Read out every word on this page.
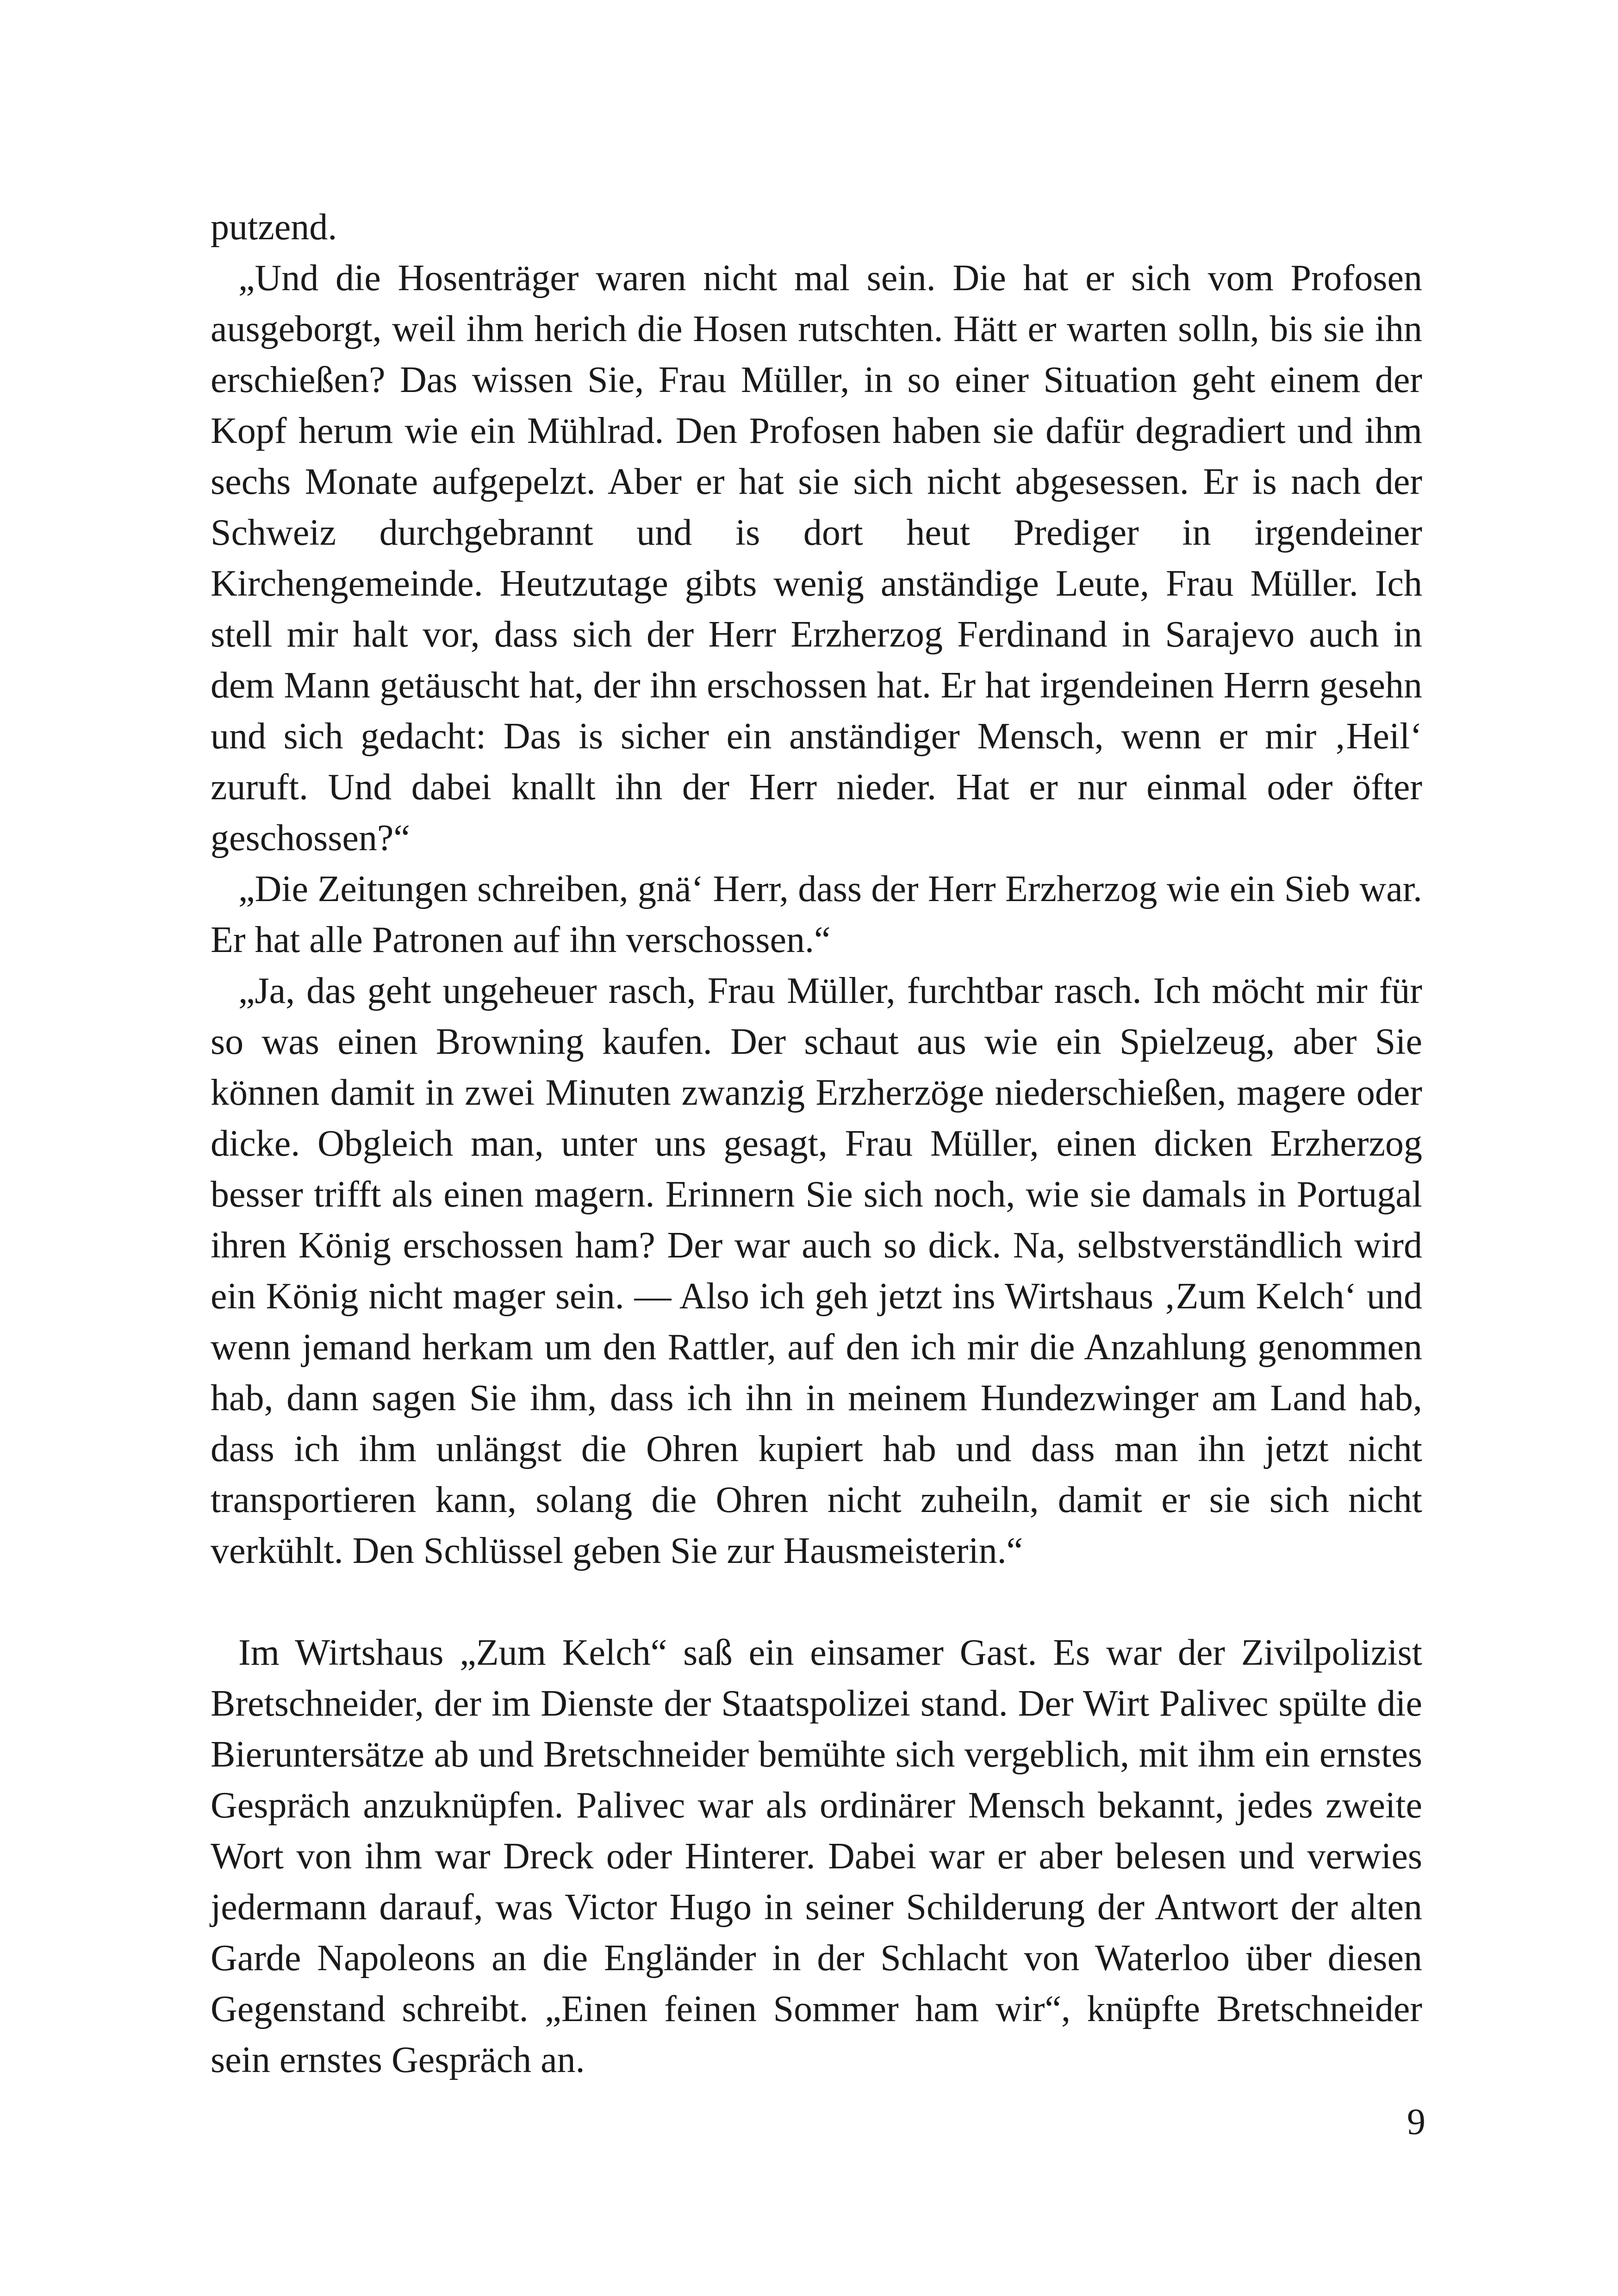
putzend.

„Und die Hosenträger waren nicht mal sein. Die hat er sich vom Profosen ausgeborgt, weil ihm herich die Hosen rutschten. Hätt er warten solln, bis sie ihn erschießen? Das wissen Sie, Frau Müller, in so einer Situation geht einem der Kopf herum wie ein Mühlrad. Den Profosen haben sie dafür degradiert und ihm sechs Monate aufgepelzt. Aber er hat sie sich nicht abgesessen. Er is nach der Schweiz durchgebrannt und is dort heut Prediger in irgendeiner Kirchengemeinde. Heutzutage gibts wenig anständige Leute, Frau Müller. Ich stell mir halt vor, dass sich der Herr Erzherzog Ferdinand in Sarajevo auch in dem Mann getäuscht hat, der ihn erschossen hat. Er hat irgendeinen Herrn gesehn und sich gedacht: Das is sicher ein anständiger Mensch, wenn er mir ‚Heil‘ zuruft. Und dabei knallt ihn der Herr nieder. Hat er nur einmal oder öfter geschossen?“

„Die Zeitungen schreiben, gnä‘ Herr, dass der Herr Erzherzog wie ein Sieb war. Er hat alle Patronen auf ihn verschossen.“

„Ja, das geht ungeheuer rasch, Frau Müller, furchtbar rasch. Ich möcht mir für so was einen Browning kaufen. Der schaut aus wie ein Spielzeug, aber Sie können damit in zwei Minuten zwanzig Erzherzöge niederschießen, magere oder dicke. Obgleich man, unter uns gesagt, Frau Müller, einen dicken Erzherzog besser trifft als einen magern. Erinnern Sie sich noch, wie sie damals in Portugal ihren König erschossen ham? Der war auch so dick. Na, selbstverständlich wird ein König nicht mager sein. — Also ich geh jetzt ins Wirtshaus ‚Zum Kelch‘ und wenn jemand herkam um den Rattler, auf den ich mir die Anzahlung genommen hab, dann sagen Sie ihm, dass ich ihn in meinem Hundezwinger am Land hab, dass ich ihm unlängst die Ohren kupiert hab und dass man ihn jetzt nicht transportieren kann, solang die Ohren nicht zuheiln, damit er sie sich nicht verkühlt. Den Schlüssel geben Sie zur Hausmeisterin.“

Im Wirtshaus „Zum Kelch“ saß ein einsamer Gast. Es war der Zivilpolizist Bretschneider, der im Dienste der Staatspolizei stand. Der Wirt Palivec spülte die Bieruntersätze ab und Bretschneider bemühte sich vergeblich, mit ihm ein ernstes Gespräch anzuknüpfen. Palivec war als ordinärer Mensch bekannt, jedes zweite Wort von ihm war Dreck oder Hinterer. Dabei war er aber belesen und verwies jedermann darauf, was Victor Hugo in seiner Schilderung der Antwort der alten Garde Napoleons an die Engländer in der Schlacht von Waterloo über diesen Gegenstand schreibt. „Einen feinen Sommer ham wir“, knüpfte Bretschneider sein ernstes Gespräch an.

9
